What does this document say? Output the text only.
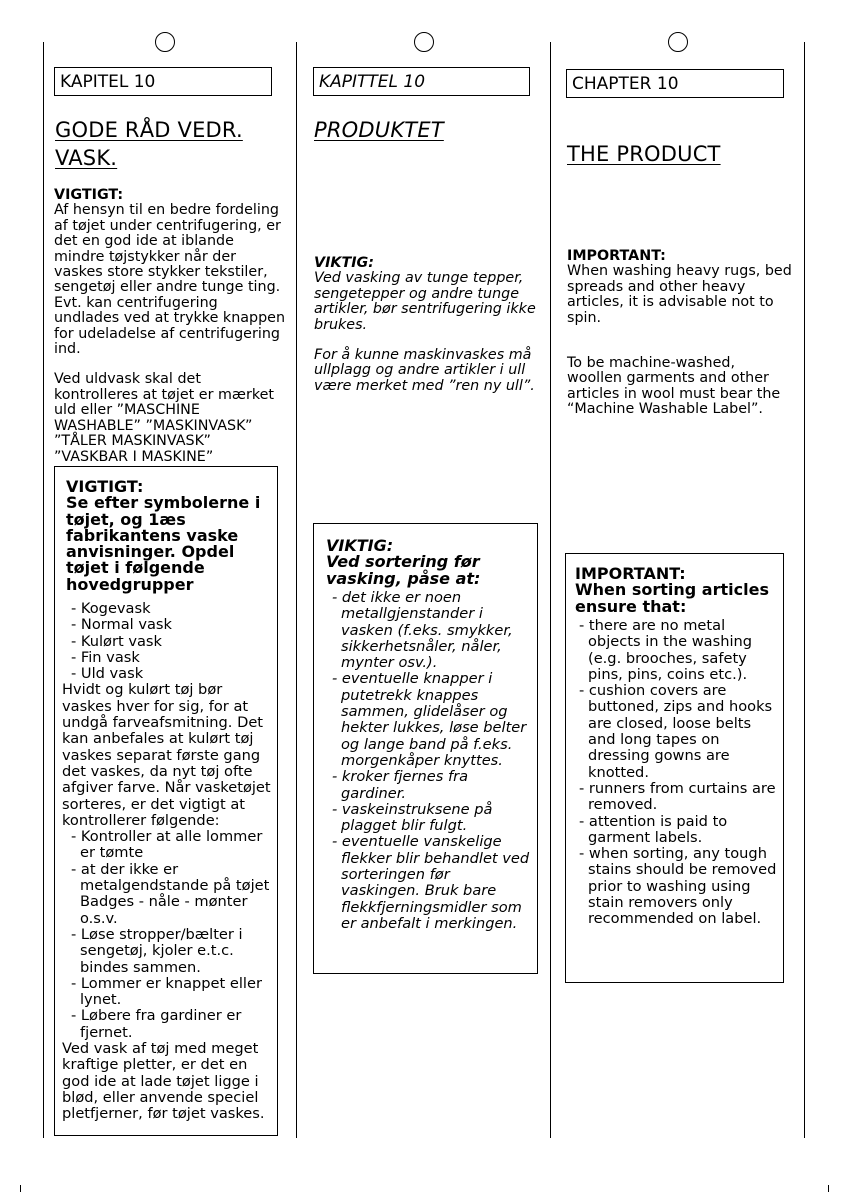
KAPITEL 10
GODE RÅD VEDR.
VASK.
VIGTIGT:
Af hensyn til en bedre fordeling af tøjet under centrifugering, er det en god ide at iblande mindre tøjstykker når der vaskes store stykker tekstiler, sengetøj eller andre tunge ting. Evt. kan centrifugering undlades ved at trykke knappen for udeladelse af centrifugering ind.
Ved uldvask skal det kontrolleres at tøjet er mærket uld eller ”MASCHINE WASHABLE” ”MASKINVASK” ”TÅLER MASKINVASK” ”VASKBAR I MASKINE”
VIGTIGT:
Se efter symbolerne i tøjet, og 1æs fabrikantens vaske anvisninger. Opdel tøjet i følgende hovedgrupper
- Kogevask
- Normal vask
- Kulørt vask
- Fin vask
- Uld vask
Hvidt og kulørt tøj bør vaskes hver for sig, for at undgå farveafsmitning. Det kan anbefales at kulørt tøj vaskes separat første gang det vaskes, da nyt tøj ofte afgiver farve. Når vasketøjet sorteres, er det vigtigt at kontrollerer følgende:
- Kontroller at alle lommer er tømte
- at der ikke er metalgendstande på tøjet Badges - nåle - mønter o.s.v.
- Løse stropper/bælter i sengetøj, kjoler e.t.c. bindes sammen.
- Lommer er knappet eller lynet.
- Løbere fra gardiner er fjernet.
Ved vask af tøj med meget kraftige pletter, er det en god ide at lade tøjet ligge i blød, eller anvende speciel pletfjerner, før tøjet vaskes.
KAPITTEL 10
PRODUKTET
VIKTIG:
Ved vasking av tunge tepper, sengetepper og andre tunge artikler, bør sentrifugering ikke brukes.
For å kunne maskinvaskes må ullplagg og andre artikler i ull være merket med ”ren ny ull”.
VIKTIG:
Ved sortering før vasking, påse at:
- det ikke er noen metallgjenstander i vasken (f.eks. smykker, sikkerhetsnåler, nåler, mynter osv.).
- eventuelle knapper i putetrekk knappes sammen, glidelåser og hekter lukkes, løse belter og lange band på f.eks. morgenkåper knyttes.
- kroker fjernes fra gardiner.
- vaskeinstruksene på plagget blir fulgt.
- eventuelle vanskelige flekker blir behandlet ved sorteringen før vaskingen. Bruk bare flekkfjerningsmidler som er anbefalt i merkingen.
CHAPTER 10
THE PRODUCT
IMPORTANT:
When washing heavy rugs, bed spreads and other heavy articles, it is advisable not to spin.
To be machine-washed, woollen garments and other articles in wool must bear the “Machine Washable Label”.
IMPORTANT:
When sorting articles ensure that:
- there are no metal objects in the washing (e.g. brooches, safety pins, pins, coins etc.).
- cushion covers are buttoned, zips and hooks are closed, loose belts and long tapes on dressing gowns are knotted.
- runners from curtains are removed.
- attention is paid to garment labels.
- when sorting, any tough stains should be removed prior to washing using stain removers only recommended on label.
